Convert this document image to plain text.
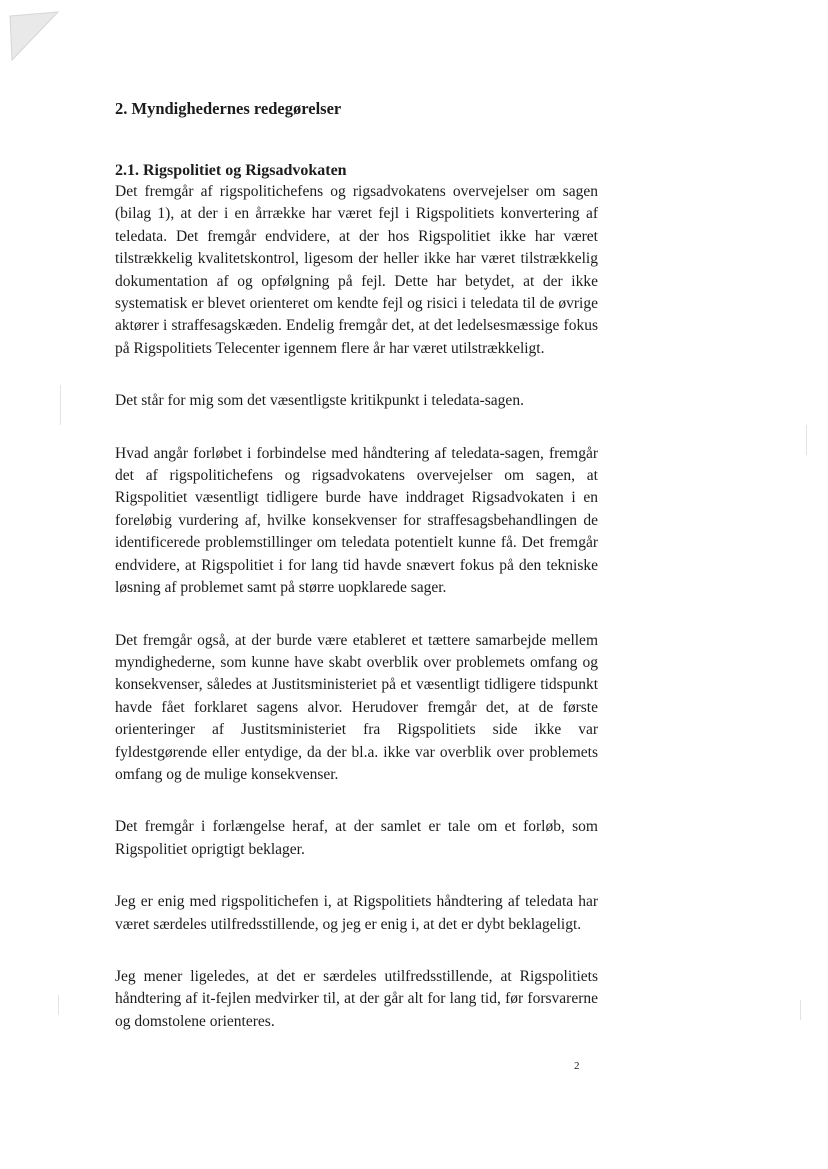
2. Myndighedernes redegørelser
2.1. Rigspolitiet og Rigsadvokaten

Det fremgår af rigspolitichefens og rigsadvokatens overvejelser om sagen (bilag 1), at der i en årrække har været fejl i Rigspolitiets konvertering af teledata. Det fremgår endvidere, at der hos Rigspolitiet ikke har været tilstrækkelig kvalitetskontrol, ligesom der heller ikke har været tilstrækkelig dokumentation af og opfølgning på fejl. Dette har betydet, at der ikke systematisk er blevet orienteret om kendte fejl og risici i teledata til de øvrige aktører i straffesagskæden. Endelig fremgår det, at det ledelsesmæssige fokus på Rigspolitiets Telecenter igennem flere år har været utilstrækkeligt.

Det står for mig som det væsentligste kritikpunkt i teledata-sagen.

Hvad angår forløbet i forbindelse med håndtering af teledata-sagen, fremgår det af rigspolitichefens og rigsadvokatens overvejelser om sagen, at Rigspolitiet væsentligt tidligere burde have inddraget Rigsadvokaten i en foreløbig vurdering af, hvilke konsekvenser for straffesagsbehandlingen de identificerede problemstillinger om teledata potentielt kunne få. Det fremgår endvidere, at Rigspolitiet i for lang tid havde snævert fokus på den tekniske løsning af problemet samt på større uopklarede sager.

Det fremgår også, at der burde være etableret et tættere samarbejde mellem myndighederne, som kunne have skabt overblik over problemets omfang og konsekvenser, således at Justitsministeriet på et væsentligt tidligere tidspunkt havde fået forklaret sagens alvor. Herudover fremgår det, at de første orienteringer af Justitsministeriet fra Rigspolitiets side ikke var fyldestgørende eller entydige, da der bl.a. ikke var overblik over problemets omfang og de mulige konsekvenser.

Det fremgår i forlængelse heraf, at der samlet er tale om et forløb, som Rigspolitiet oprigtigt beklager.

Jeg er enig med rigspolitichefen i, at Rigspolitiets håndtering af teledata har været særdeles utilfredsstillende, og jeg er enig i, at det er dybt beklageligt.

Jeg mener ligeledes, at det er særdeles utilfredsstillende, at Rigspolitiets håndtering af it-fejlen medvirker til, at der går alt for lang tid, før forsvarerne og domstolene orienteres.

2
